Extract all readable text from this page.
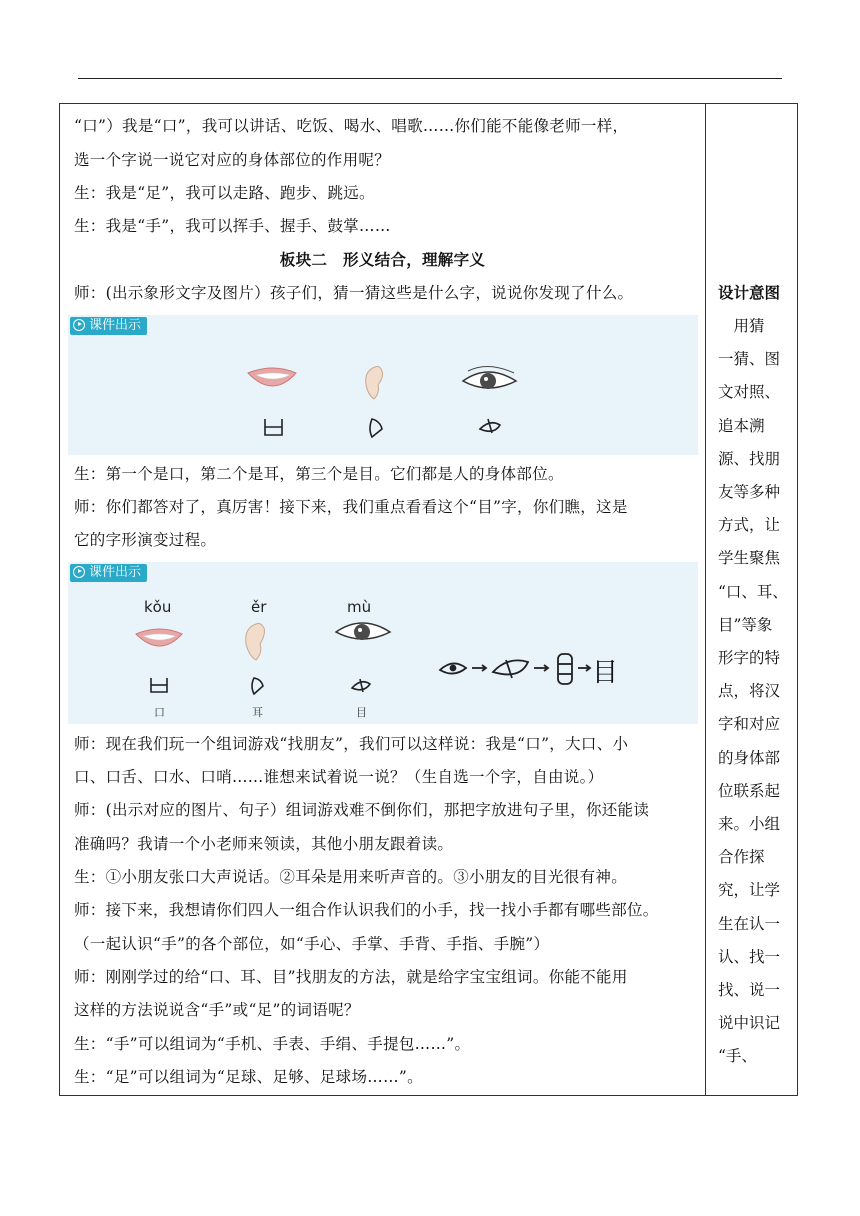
“口”）我是“口”，我可以讲话、吃饭、喝水、唱歌……你们能不能像老师一样，
选一个字说一说它对应的身体部位的作用呢？
生：我是“足”，我可以走路、跑步、跳远。
生：我是“手”，我可以挥手、握手、鼓掌……
板块二　形义结合，理解字义
师：(出示象形文字及图片）孩子们，猜一猜这些是什么字，说说你发现了什么。
课件出示
生：第一个是口，第二个是耳，第三个是目。它们都是人的身体部位。
师：你们都答对了，真厉害！接下来，我们重点看看这个“目”字，你们瞧，这是
它的字形演变过程。
课件出示
kǒu	ěr	mù
目
口	耳	目
师：现在我们玩一个组词游戏“找朋友”，我们可以这样说：我是“口”，大口、小
口、口舌、口水、口哨……谁想来试着说一说？（生自选一个字，自由说。）
师：(出示对应的图片、句子）组词游戏难不倒你们，那把字放进句子里，你还能读
准确吗？我请一个小老师来领读，其他小朋友跟着读。
生：①小朋友张口大声说话。②耳朵是用来听声音的。③小朋友的目光很有神。
师：接下来，我想请你们四人一组合作认识我们的小手，找一找小手都有哪些部位。
（一起认识“手”的各个部位，如“手心、手掌、手背、手指、手腕”）
师：刚刚学过的给“口、耳、目”找朋友的方法，就是给字宝宝组词。你能不能用
这样的方法说说含“手”或“足”的词语呢？
生：“手”可以组词为“手机、手表、手绢、手提包……”。
生：“足”可以组词为“足球、足够、足球场……”。
设计意图
　用猜
一猜、图
文对照、
追本溯
源、找朋
友等多种
方式，让
学生聚焦
“口、耳、
目”等象
形字的特
点，将汉
字和对应
的身体部
位联系起
来。小组
合作探
究，让学
生在认一
认、找一
找、说一
说中识记
“手、
